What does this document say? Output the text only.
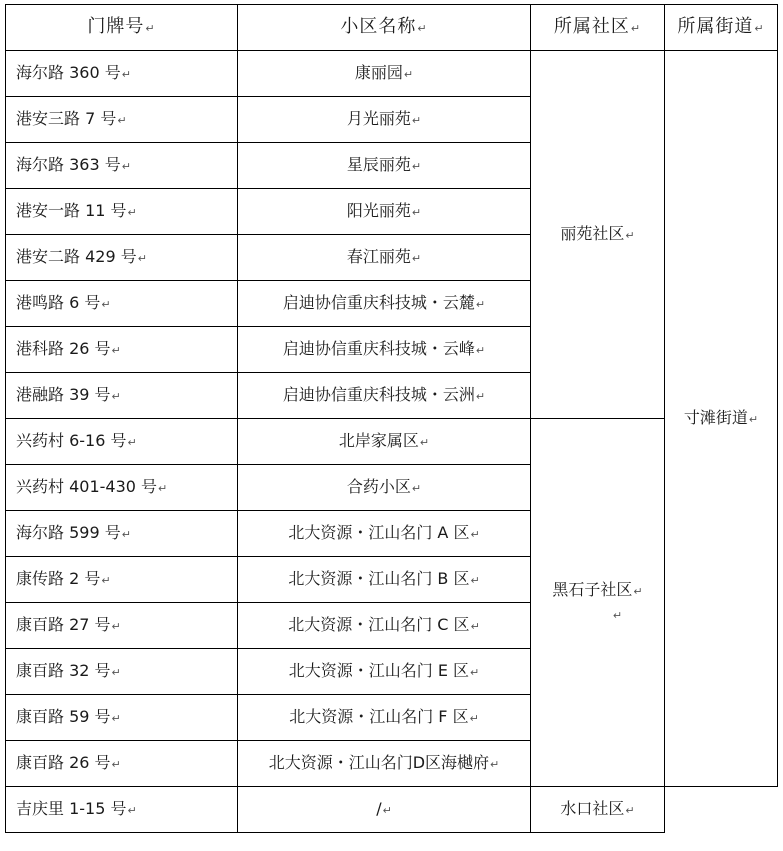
门牌号↵	小区名称↵	所属社区↵	所属街道↵
海尔路 360 号↵	康丽园↵	丽苑社区↵	寸滩街道↵
港安三路 7 号↵	月光丽苑↵		
海尔路 363 号↵	星辰丽苑↵		
港安一路 11 号↵	阳光丽苑↵		
港安二路 429 号↵	春江丽苑↵		
港鸣路 6 号↵	启迪协信重庆科技城・云麓↵		
港科路 26 号↵	启迪协信重庆科技城・云峰↵		
港融路 39 号↵	启迪协信重庆科技城・云洲↵		
兴药村 6-16 号↵	北岸家属区↵	黑石子社区↵
↵	

兴药村 401-430 号↵	合药小区↵		
海尔路 599 号↵	北大资源・江山名门 A 区↵		
康传路 2 号↵	北大资源・江山名门 B 区↵		
康百路 27 号↵	北大资源・江山名门 C 区↵		
康百路 32 号↵	北大资源・江山名门 E 区↵		
康百路 59 号↵	北大资源・江山名门 F 区↵		
康百路 26 号↵	北大资源・江山名门D区海樾府↵		
吉庆里 1-15 号↵	/↵	水口社区↵	
